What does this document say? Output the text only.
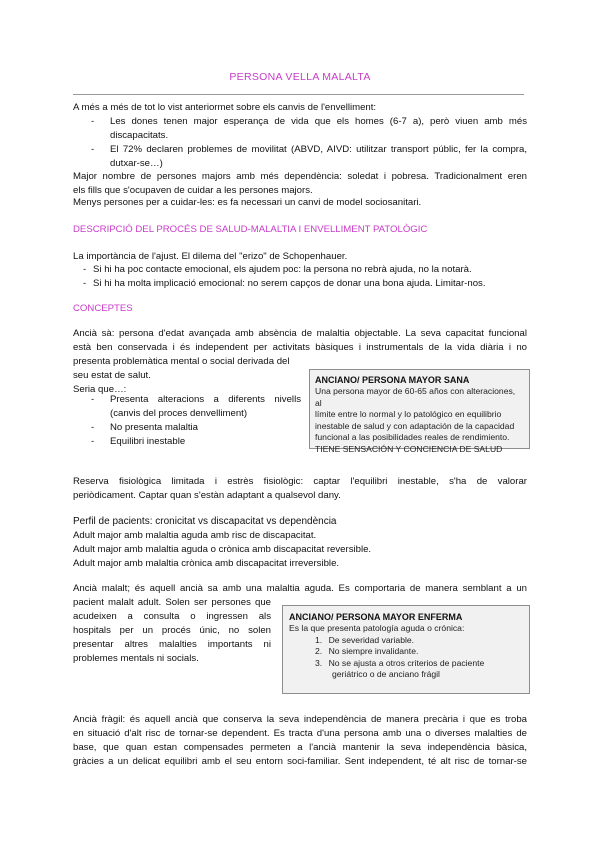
PERSONA VELLA MALALTA
A més a més de tot lo vist anteriormet sobre els canvis de l'envelliment:
- Les dones tenen major esperança de vida que els homes (6-7 a), però viuen amb més
discapacitats.
- El 72% declaren problemes de movilitat (ABVD, AIVD: utilitzar transport públic, fer la compra,
dutxar-se…)
Major nombre de persones majors amb més dependència: soledat i pobresa. Tradicionalment eren
els fills que s'ocupaven de cuidar a les persones majors.
Menys persones per a cuidar-les: es fa necessari un canvi de model sociosanitari.
DESCRIPCIÓ DEL PROCÉS DE SALUD-MALALTIA I ENVELLIMENT PATOLÒGIC
La importància de l'ajust. El dilema del "erizo" de Schopenhauer.
- Si hi ha poc contacte emocional, els ajudem poc: la persona no rebrà ajuda, no la notarà.
- Si hi ha molta implicació emocional: no serem capços de donar una bona ajuda. Limitar-nos.
CONCEPTES
Ancià sà: persona d'edat avançada amb absència de malaltia objectable. La seva capacitat funcional
està ben conservada i és independent per activitats bàsiques i instrumentals de la vida diària i no
presenta problemàtica mental o social derivada del
seu estat de salut.
Seria que…:
- Presenta alteracions a diferents nivells
(canvis del proces denvelliment)
- No presenta malaltia
- Equilibri inestable
ANCIANO/ PERSONA MAYOR SANA
Una persona mayor de 60-65 años con alteraciones, al
límite entre lo normal y lo patológico en equilibrio
inestable de salud y con adaptación de la capacidad
funcional a las posibilidades reales de rendimiento.
TIENE SENSACIÓN Y CONCIENCIA DE SALUD
Reserva fisiològica limitada i estrès fisiològic: captar l'equilibri inestable, s'ha de valorar
periòdicament. Captar quan s'estàn adaptant a qualsevol dany.
Perfil de pacients: cronicitat vs discapacitat vs dependència
Adult major amb malaltia aguda amb risc de discapacitat.
Adult major amb malaltia aguda o crònica amb discapacitat reversible.
Adult major amb malaltia crònica amb discapacitat irreversible.
Ancià malalt; és aquell ancià sa amb una malaltia aguda. Es comportaria de manera semblant a un
pacient malalt adult. Solen ser persones que
acudeixen a consulta o ingressen als
hospitals per un procés únic, no solen
presentar altres malalties importants ni
problemes mentals ni socials.
ANCIANO/ PERSONA MAYOR ENFERMA
Es la que presenta patología aguda o crónica:
1. De severidad variable.
2. No siempre invalidante.
3. No se ajusta a otros criterios de paciente
geriátrico o de anciano frágil
Ancià fràgil: és aquell ancià que conserva la seva independència de manera precària i que es troba
en situació d'alt risc de tornar-se dependent. Es tracta d'una persona amb una o diverses malalties de
base, que quan estan compensades permeten a l'ancià mantenir la seva independència bàsica,
gràcies a un delicat equilibri amb el seu entorn soci-familiar. Sent independent, té alt risc de tornar-se
